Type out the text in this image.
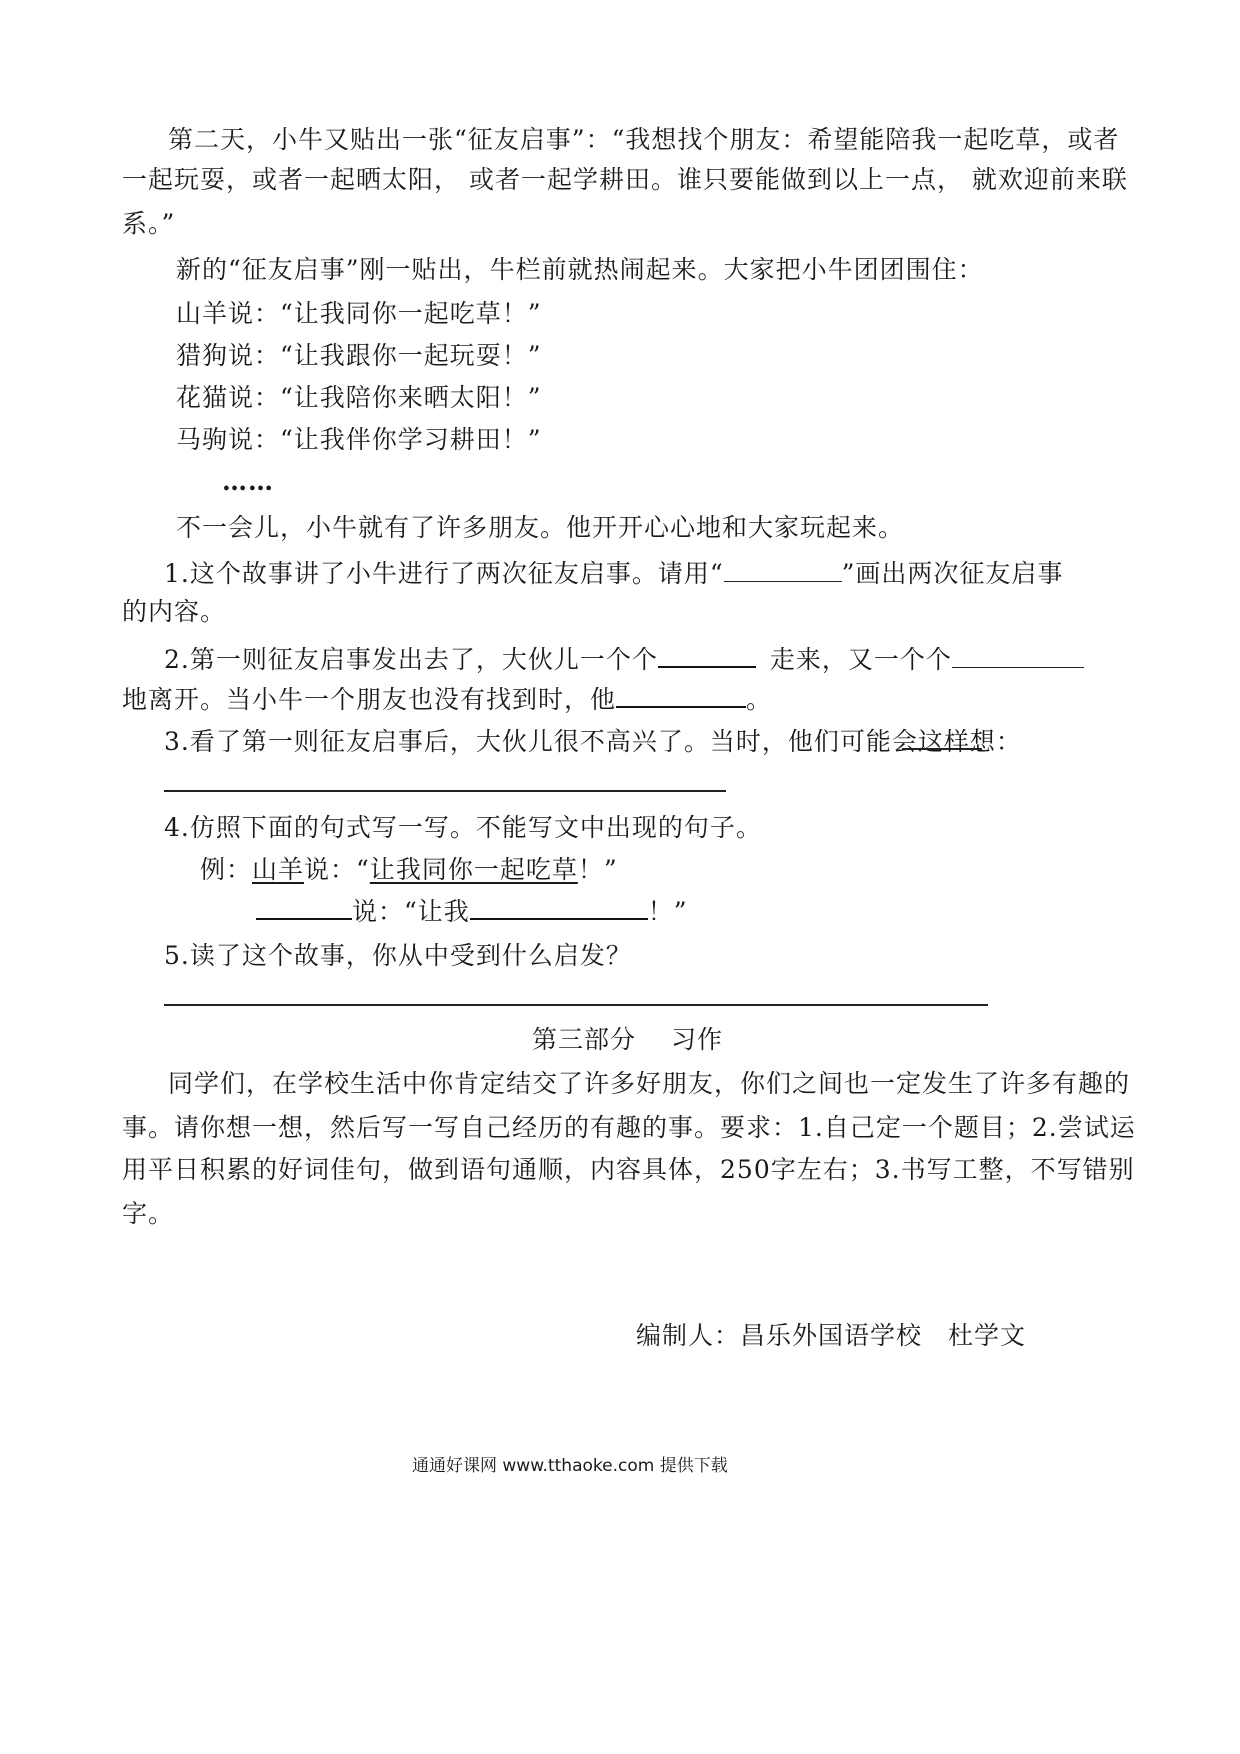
第二天，小牛又贴出一张“征友启事”：“我想找个朋友：希望能陪我一起吃草，或者
一起玩耍，或者一起晒太阳， 或者一起学耕田。谁只要能做到以上一点， 就欢迎前来联
系。”
新的“征友启事”刚一贴出，牛栏前就热闹起来。大家把小牛团团围住：
山羊说：“让我同你一起吃草！”
猎狗说：“让我跟你一起玩耍！”
花猫说：“让我陪你来晒太阳！”
马驹说：“让我伴你学习耕田！”
……
不一会儿，小牛就有了许多朋友。他开开心心地和大家玩起来。
1.这个故事讲了小牛进行了两次征友启事。请用“	”画出两次征友启事
的内容。
2.第一则征友启事发出去了，大伙儿一个个	走来，又一个个
地离开。当小牛一个朋友也没有找到时，他	。
3.看了第一则征友启事后，大伙儿很不高兴了。当时，他们可能会这样想：
4.仿照下面的句式写一写。不能写文中出现的句子。
例：山羊说：“让我同你一起吃草！”
说：“让我	！”
5.读了这个故事，你从中受到什么启发？
第三部分　 习作
同学们，在学校生活中你肯定结交了许多好朋友，你们之间也一定发生了许多有趣的
事。请你想一想，然后写一写自己经历的有趣的事。要求：1.自己定一个题目；2.尝试运
用平日积累的好词佳句，做到语句通顺，内容具体，250字左右；3.书写工整，不写错别
字。
编制人：昌乐外国语学校　杜学文
通通好课网 www.tthaoke.com 提供下载
